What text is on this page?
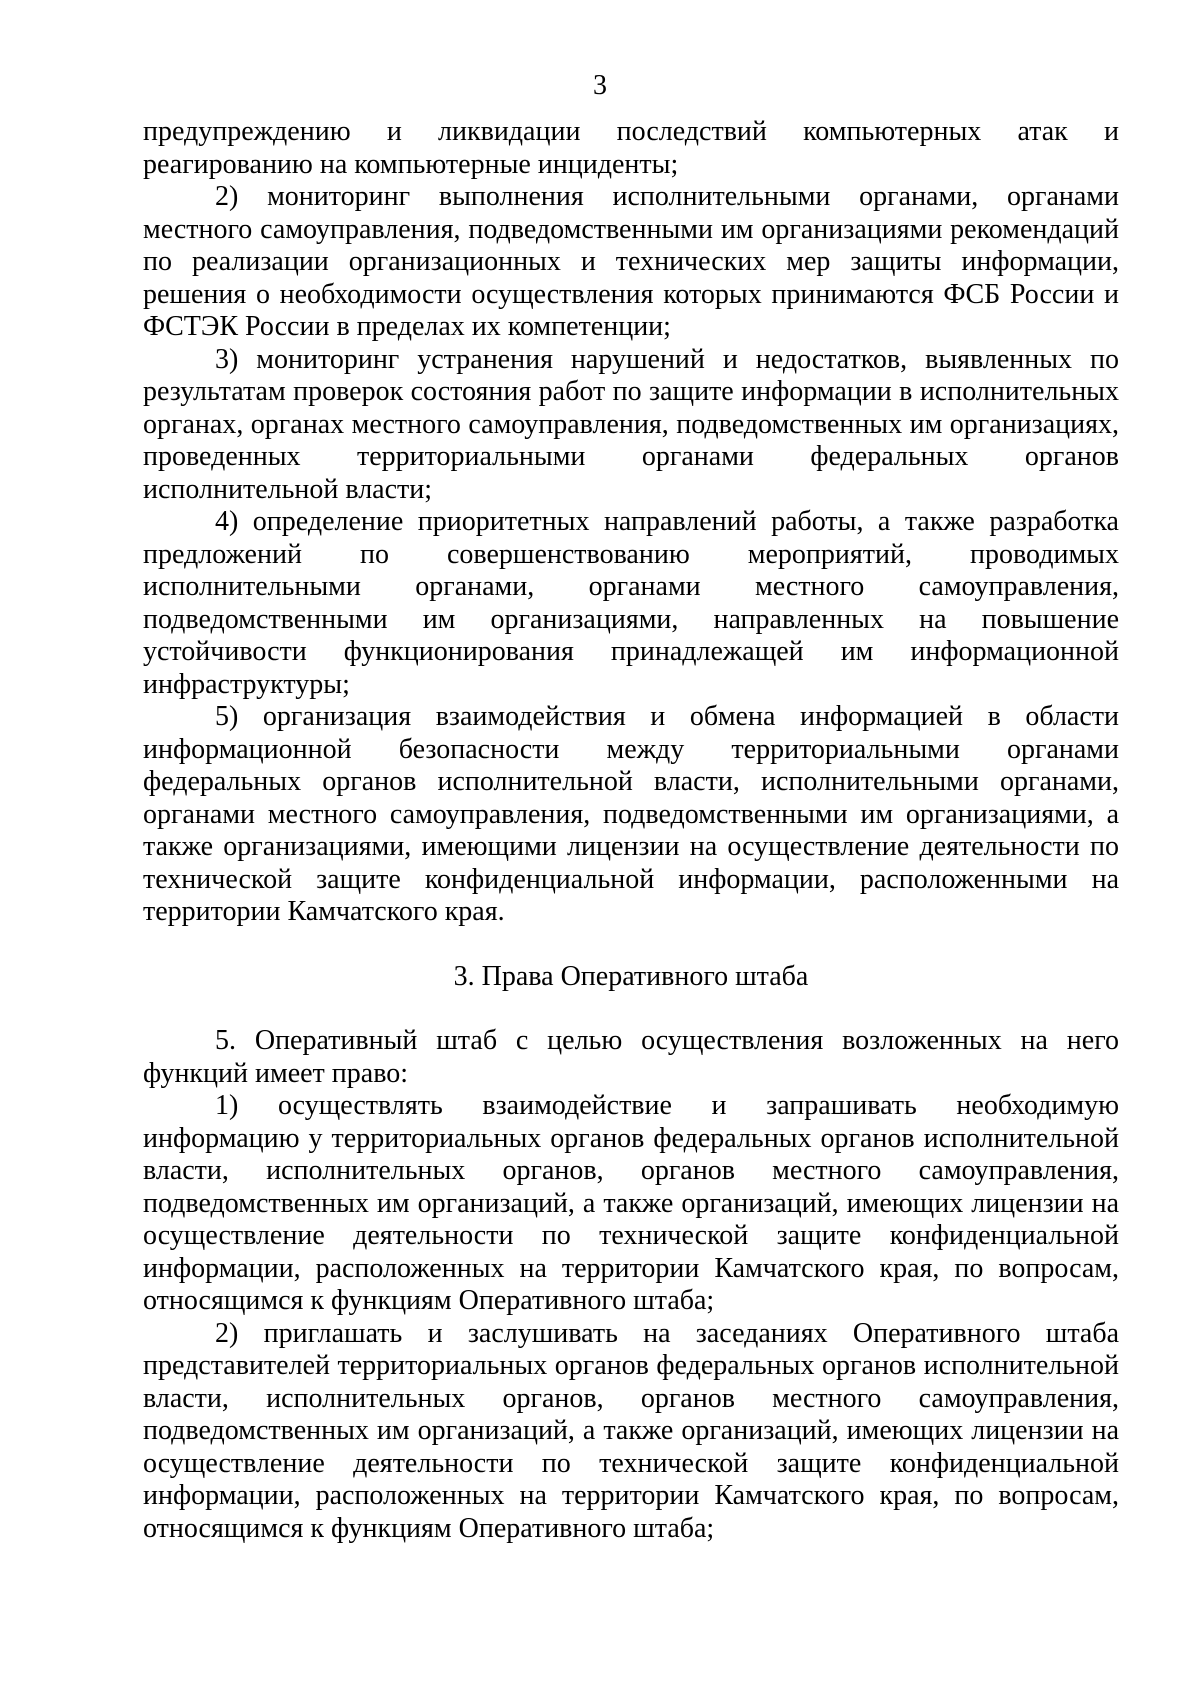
3

предупреждению и ликвидации последствий компьютерных атак и реагированию на компьютерные инциденты;

2) мониторинг выполнения исполнительными органами, органами местного самоуправления, подведомственными им организациями рекомендаций по реализации организационных и технических мер защиты информации, решения о необходимости осуществления которых принимаются ФСБ России и ФСТЭК России в пределах их компетенции;

3) мониторинг устранения нарушений и недостатков, выявленных по результатам проверок состояния работ по защите информации в исполнительных органах, органах местного самоуправления, подведомственных им организациях, проведенных территориальными органами федеральных органов исполнительной власти;

4) определение приоритетных направлений работы, а также разработка предложений по совершенствованию мероприятий, проводимых исполнительными органами, органами местного самоуправления, подведомственными им организациями, направленных на повышение устойчивости функционирования принадлежащей им информационной инфраструктуры;

5) организация взаимодействия и обмена информацией в области информационной безопасности между территориальными органами федеральных органов исполнительной власти, исполнительными органами, органами местного самоуправления, подведомственными им организациями, а также организациями, имеющими лицензии на осуществление деятельности по технической защите конфиденциальной информации, расположенными на территории Камчатского края.

3. Права Оперативного штаба

5. Оперативный штаб с целью осуществления возложенных на него функций имеет право:

1) осуществлять взаимодействие и запрашивать необходимую информацию у территориальных органов федеральных органов исполнительной власти, исполнительных органов, органов местного самоуправления, подведомственных им организаций, а также организаций, имеющих лицензии на осуществление деятельности по технической защите конфиденциальной информации, расположенных на территории Камчатского края, по вопросам, относящимся к функциям Оперативного штаба;

2) приглашать и заслушивать на заседаниях Оперативного штаба представителей территориальных органов федеральных органов исполнительной власти, исполнительных органов, органов местного самоуправления, подведомственных им организаций, а также организаций, имеющих лицензии на осуществление деятельности по технической защите конфиденциальной информации, расположенных на территории Камчатского края, по вопросам, относящимся к функциям Оперативного штаба;
